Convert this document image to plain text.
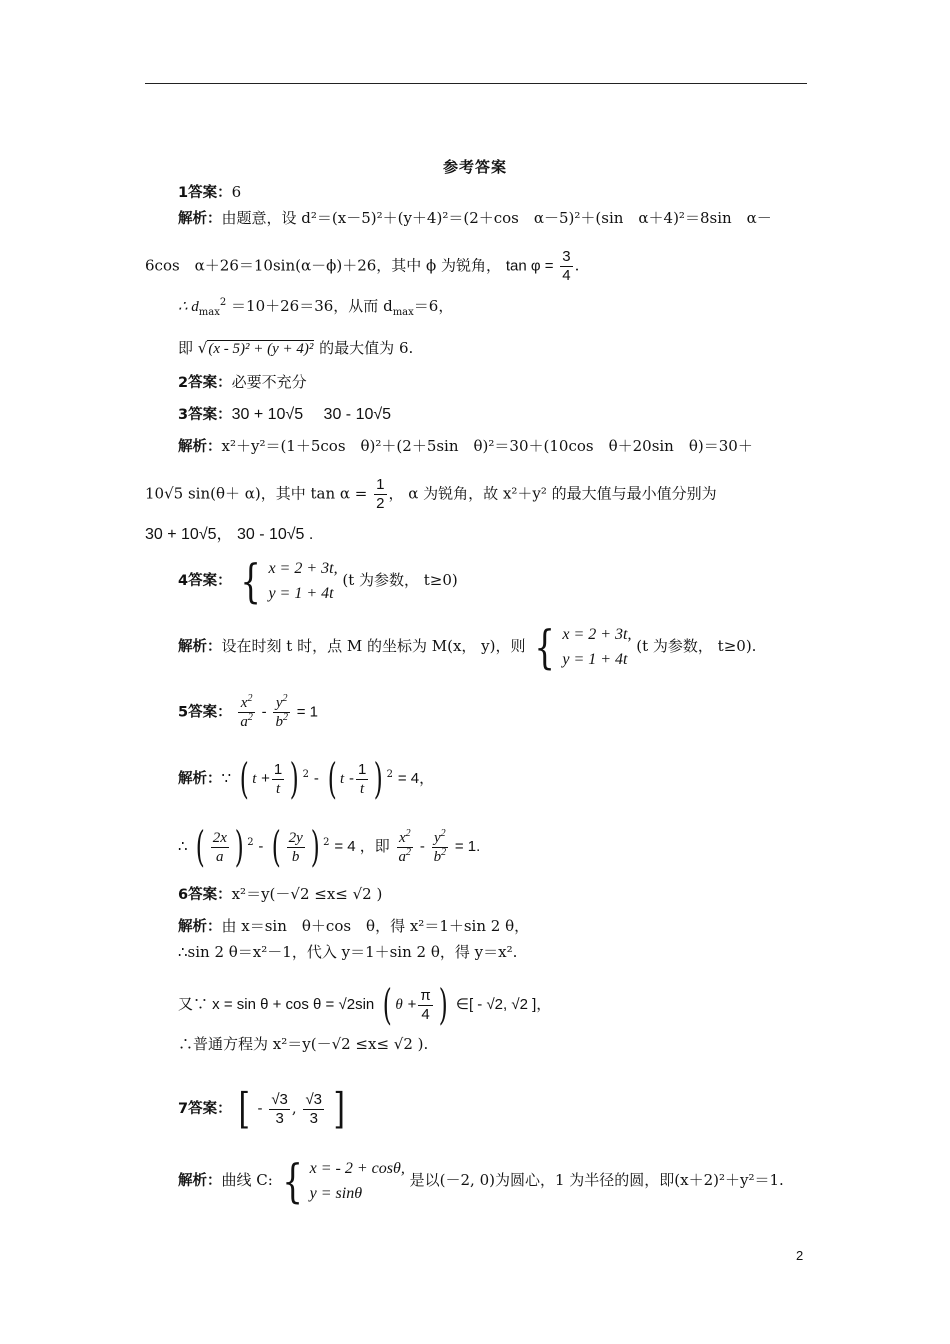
参考答案
1答案：6
解析：由题意，设 d²＝(x－5)²＋(y＋4)²＝(2＋cos　α－5)²＋(sin　α＋4)²＝8sin　α－
6cos　α＋26＝10sin(α－ϕ)＋26，其中 ϕ 为锐角， $\tan \varphi = \frac{3}{4}$ .
∴ $d_{max}^2 =10+26=36$，从而 $d_{max}=6$，
即 √(x - 5)² + (y + 4)² 的最大值为 6.
2答案：必要不充分
3答案：30 + 10√5　 30 - 10√5
解析：x²＋y²＝(1＋5cos　θ)²＋(2＋5sin　θ)²＝30＋(10cos　θ＋20sin　θ)＝30＋
10√5 sin(θ＋ α)，其中 $\tan \alpha = \frac{1}{2}$ ， α 为锐角，故 x²＋y² 的最大值与最小值分别为
30 + 10√5， 30 - 10√5 .
4答案： { x = 2 + 3t,
y = 1 + 4t
(t 为参数， t≥0)
解析：设在时刻 t 时，点 M 的坐标为 M(x， y)，则 { x = 2 + 3t,
y = 1 + 4t
(t 为参数， t≥0).
5答案： $\frac{x^2}{a^2} - \frac{y^2}{b^2} = 1$
解析：∵ ( $t + \frac{1}{t}$ ) $^2$ - ( t - $\frac{1}{t}$ ) $^2$ = 4，
∴ ( $\frac{2x}{a}$ ) $^2$ - ( $\frac{2y}{b}$ ) $^2$ = 4 ，即 $\frac{x^2}{a^2} - \frac{y^2}{b^2} = 1$.
6答案：x²＝y(－√2 ≤x≤ √2 )
解析：由 x＝sin　θ＋cos　θ，得 x²＝1＋sin 2 θ，
∴sin 2 θ＝x²－1，代入 y＝1＋sin 2 θ，得 y＝x².
又∵ x = sin θ + cos θ = √2sin ( $\theta + \frac{\pi}{4}$ ) ∈[ - √2, √2 ]，
∴普通方程为 x²＝y(－√2 ≤x≤ √2 ).
7答案： [ - $\frac{√3}{3}$ , $\frac{√3}{3}$ ]
解析：曲线 C: { x = - 2 + cosθ,
y = sinθ
是以(－2, 0)为圆心，1 为半径的圆，即(x＋2)²＋y²＝1.
2
